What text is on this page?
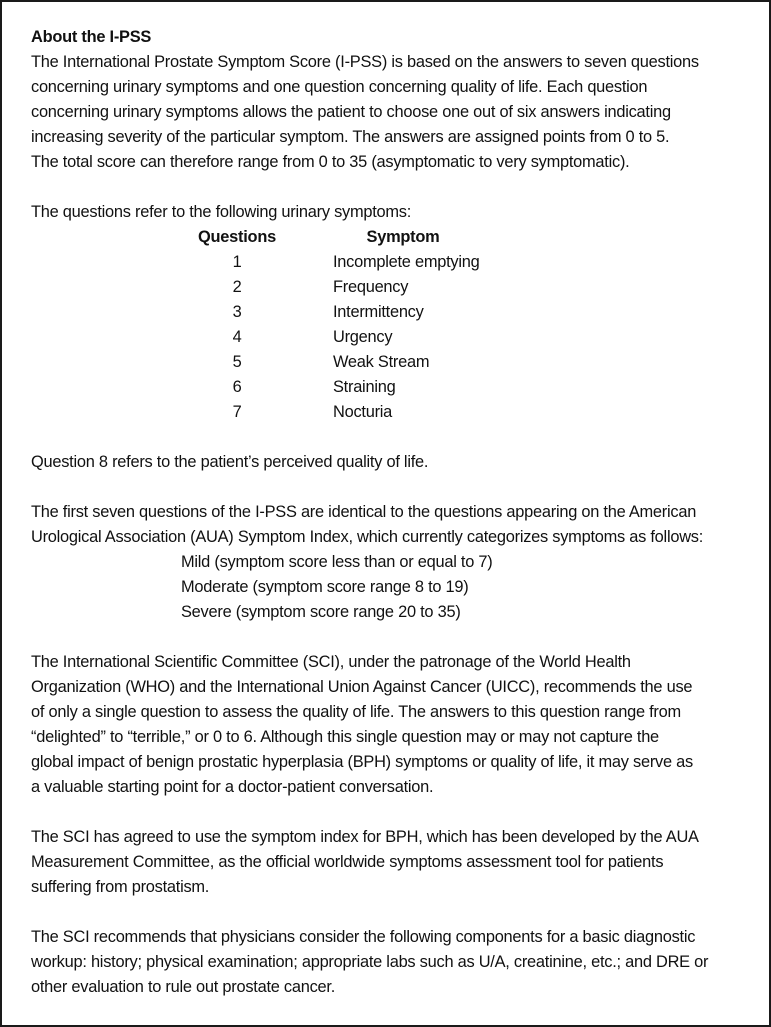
About the I-PSS

The International Prostate Symptom Score (I-PSS) is based on the answers to seven questions

concerning urinary symptoms and one question concerning quality of life. Each question

concerning urinary symptoms allows the patient to choose one out of six answers indicating

increasing severity of the particular symptom. The answers are assigned points from 0 to 5.

The total score can therefore range from 0 to 35 (asymptomatic to very symptomatic).

The questions refer to the following urinary symptoms:

Questions	Symptom
1	Incomplete emptying
2	Frequency
3	Intermittency
4	Urgency
5	Weak Stream
6	Straining
7	Nocturia

Question 8 refers to the patient’s perceived quality of life.

The first seven questions of the I-PSS are identical to the questions appearing on the American

Urological Association (AUA) Symptom Index, which currently categorizes symptoms as follows:

Mild (symptom score less than or equal to 7)
Moderate (symptom score range 8 to 19)
Severe (symptom score range 20 to 35)

The International Scientific Committee (SCI), under the patronage of the World Health

Organization (WHO) and the International Union Against Cancer (UICC), recommends the use

of only a single question to assess the quality of life. The answers to this question range from

“delighted” to “terrible,” or 0 to 6. Although this single question may or may not capture the

global impact of benign prostatic hyperplasia (BPH) symptoms or quality of life, it may serve as

a valuable starting point for a doctor-patient conversation.

The SCI has agreed to use the symptom index for BPH, which has been developed by the AUA

Measurement Committee, as the official worldwide symptoms assessment tool for patients

suffering from prostatism.

The SCI recommends that physicians consider the following components for a basic diagnostic

workup: history; physical examination; appropriate labs such as U/A, creatinine, etc.; and DRE or

other evaluation to rule out prostate cancer.
